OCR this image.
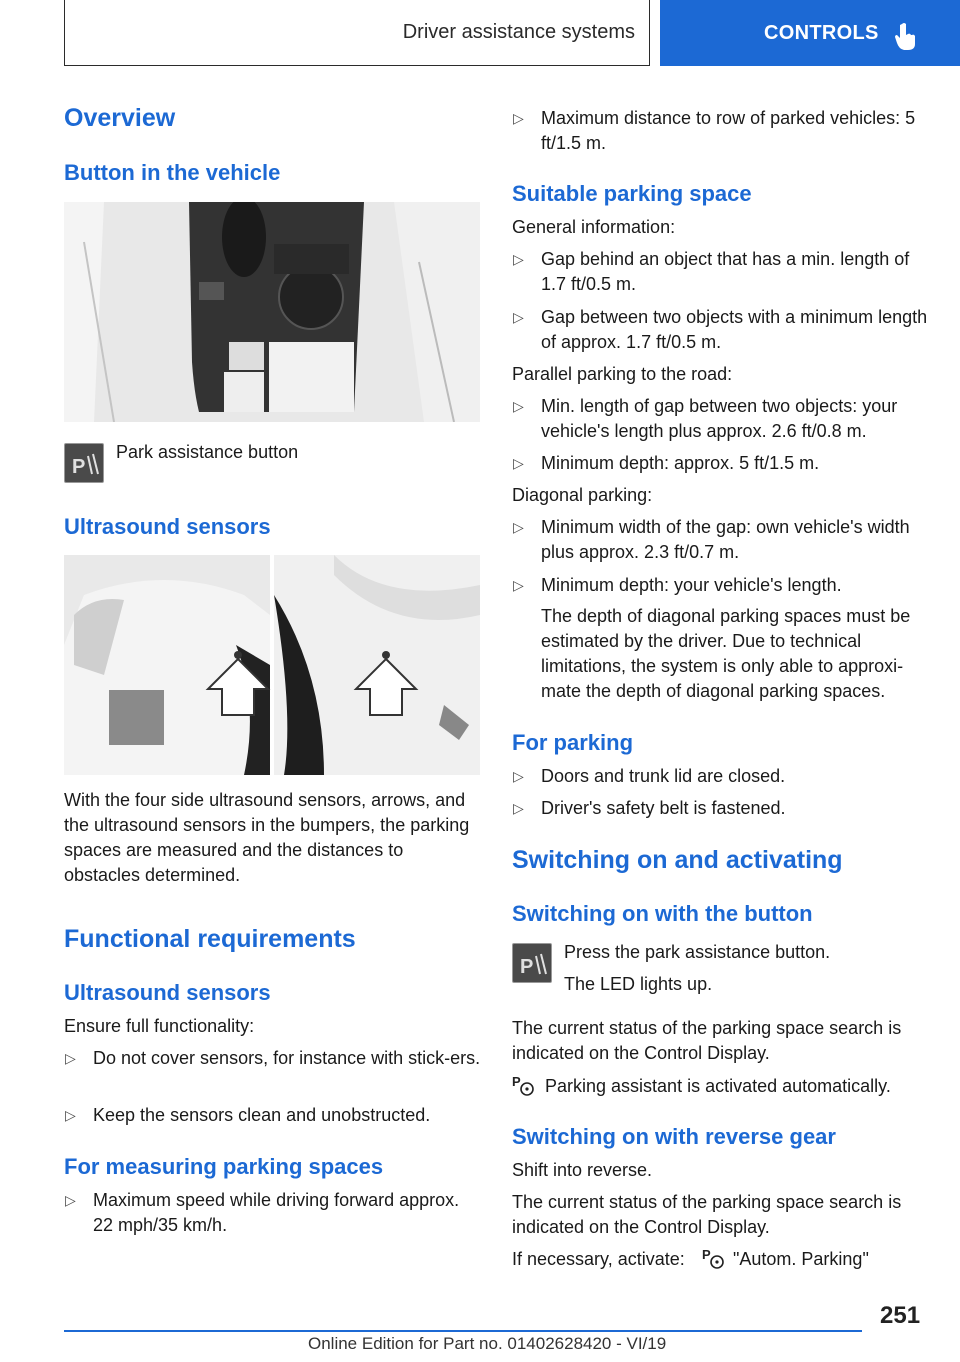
Driver assistance systems	CONTROLS
Overview
Button in the vehicle
P
Park assistance button
Ultrasound sensors
With the four side ultrasound sensors, arrows, and the ultrasound sensors in the bumpers, the parking spaces are measured and the distances to obstacles determined.
Functional requirements
Ultrasound sensors
Ensure full functionality:
▷ Do not cover sensors, for instance with stick-ers.
▷ Keep the sensors clean and unobstructed.
For measuring parking spaces
▷ Maximum speed while driving forward approx. 22 mph/35 km/h.
▷ Maximum distance to row of parked vehicles: 5 ft/1.5 m.
Suitable parking space
General information:
▷ Gap behind an object that has a min. length of 1.7 ft/0.5 m.
▷ Gap between two objects with a minimum length of approx. 1.7 ft/0.5 m.
Parallel parking to the road:
▷ Min. length of gap between two objects: your vehicle's length plus approx. 2.6 ft/0.8 m.
▷ Minimum depth: approx. 5 ft/1.5 m.
Diagonal parking:
▷ Minimum width of the gap: own vehicle's width plus approx. 2.3 ft/0.7 m.
▷ Minimum depth: your vehicle's length.
The depth of diagonal parking spaces must be estimated by the driver. Due to technical limitations, the system is only able to approxi-mate the depth of diagonal parking spaces.
For parking
▷ Doors and trunk lid are closed.
▷ Driver's safety belt is fastened.
Switching on and activating
Switching on with the button
P
Press the park assistance button.
The LED lights up.
The current status of the parking space search is indicated on the Control Display.
P Parking assistant is activated automatically.
Switching on with reverse gear
Shift into reverse.
The current status of the parking space search is indicated on the Control Display.
If necessary, activate:	P "Autom. Parking"
251
Online Edition for Part no. 01402628420 - VI/19
